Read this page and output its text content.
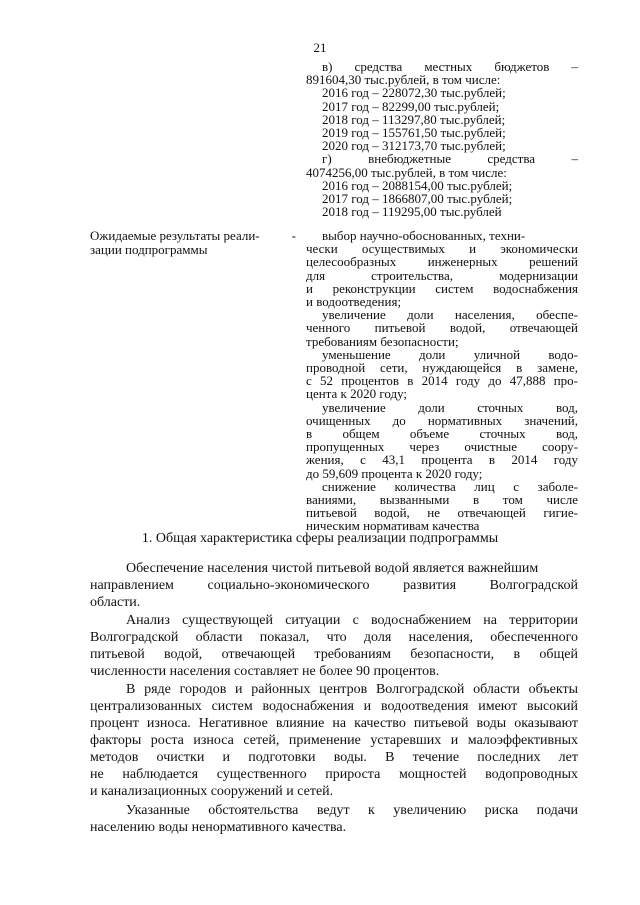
21
в) средства местных бюджетов –
891604,30 тыс.рублей, в том числе:
2016 год – 228072,30 тыс.рублей;
2017 год – 82299,00 тыс.рублей;
2018 год – 113297,80 тыс.рублей;
2019 год – 155761,50 тыс.рублей;
2020 год – 312173,70 тыс.рублей;
г) внебюджетные средства –
4074256,00 тыс.рублей, в том числе:
2016 год – 2088154,00 тыс.рублей;
2017 год – 1866807,00 тыс.рублей;
2018 год – 119295,00 тыс.рублей
Ожидаемые результаты реали-
зации подпрограммы
-	выбор научно-обоснованных, техни-
чески осуществимых и экономически
целесообразных инженерных решений
для строительства, модернизации
и реконструкции систем водоснабжения
и водоотведения;
увеличение доли населения, обеспе-
ченного питьевой водой, отвечающей
требованиям безопасности;
уменьшение доли уличной водо-
проводной сети, нуждающейся в замене,
с 52 процентов в 2014 году до 47,888 про-
цента к 2020 году;
увеличение доли сточных вод,
очищенных до нормативных значений,
в общем объеме сточных вод,
пропущенных через очистные соору-
жения, с 43,1 процента в 2014 году
до 59,609 процента к 2020 году;
снижение количества лиц с заболе-
ваниями, вызванными в том числе
питьевой водой, не отвечающей гигие-
ническим нормативам качества
1. Общая характеристика сферы реализации подпрограммы
Обеспечение населения чистой питьевой водой является важнейшим
направлением социально-экономического развития Волгоградской
области.
Анализ существующей ситуации с водоснабжением на территории
Волгоградской области показал, что доля населения, обеспеченного
питьевой водой, отвечающей требованиям безопасности, в общей
численности населения составляет не более 90 процентов.
В ряде городов и районных центров Волгоградской области объекты
централизованных систем водоснабжения и водоотведения имеют высокий
процент износа. Негативное влияние на качество питьевой воды оказывают
факторы роста износа сетей, применение устаревших и малоэффективных
методов очистки и подготовки воды. В течение последних лет
не наблюдается существенного прироста мощностей водопроводных
и канализационных сооружений и сетей.
Указанные обстоятельства ведут к увеличению риска подачи
населению воды ненормативного качества.
